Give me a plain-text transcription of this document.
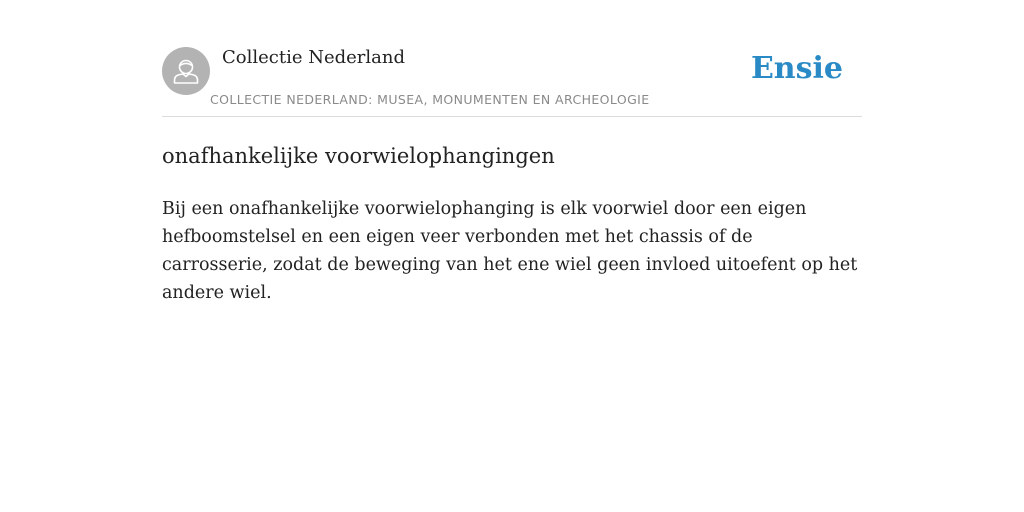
Collectie Nederland
COLLECTIE NEDERLAND: MUSEA, MONUMENTEN EN ARCHEOLOGIE
Ensie
onafhankelijke voorwielophangingen

Bij een onafhankelijke voorwielophanging is elk voorwiel door een eigen hefboomstelsel en een eigen veer verbonden met het chassis of de carrosserie, zodat de beweging van het ene wiel geen invloed uitoefent op het andere wiel.
